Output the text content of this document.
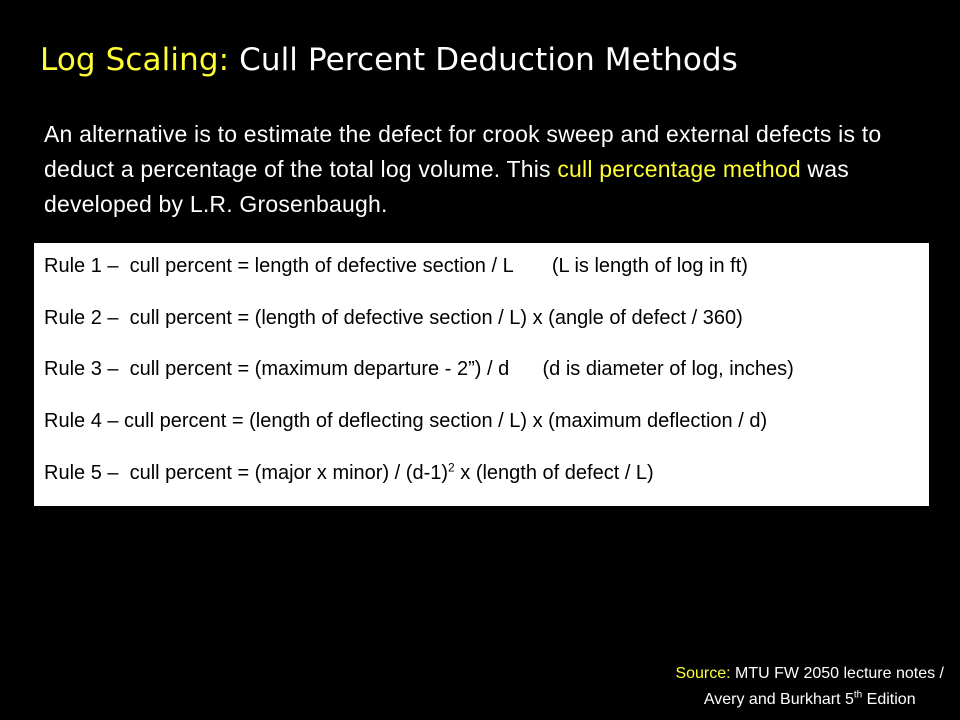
Log Scaling: Cull Percent Deduction Methods
An alternative is to estimate the defect for crook sweep and external defects is to deduct a percentage of the total log volume. This cull percentage method was developed by L.R. Grosenbaugh.
Rule 1 –  cull percent = length of defective section / L       (L is length of log in ft)
Rule 2 –  cull percent = (length of defective section / L) x (angle of defect / 360)
Rule 3 –  cull percent = (maximum departure - 2”) / d      (d is diameter of log, inches)
Rule 4 – cull percent = (length of deflecting section / L) x (maximum deflection / d)
Rule 5 –  cull percent = (major x minor) / $(d-1)^2$ x (length of defect / L)
Source: MTU FW 2050 lecture notes /
Avery and Burkhart 5th Edition
